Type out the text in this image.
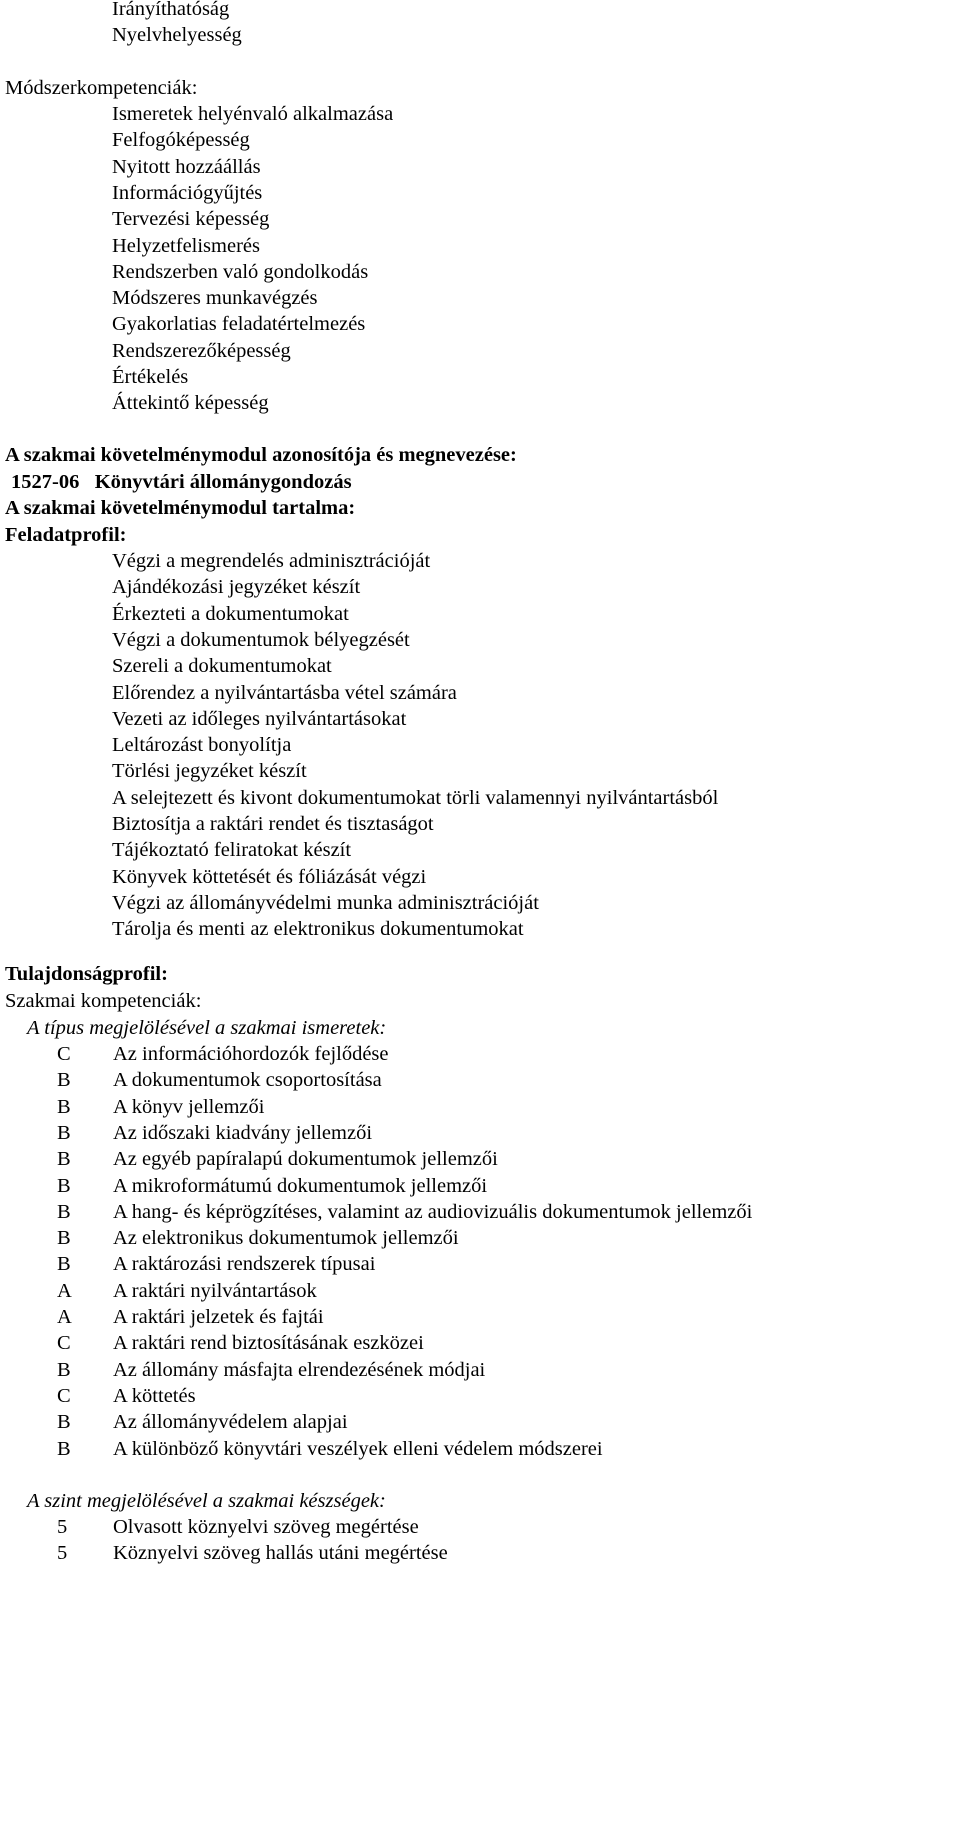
Irányíthatóság
Nyelvhelyesség
Módszerkompetenciák:
Ismeretek helyénvaló alkalmazása
Felfogóképesség
Nyitott hozzáállás
Információgyűjtés
Tervezési képesség
Helyzetfelismerés
Rendszerben való gondolkodás
Módszeres munkavégzés
Gyakorlatias feladatértelmezés
Rendszerezőképesség
Értékelés
Áttekintő képesség
A szakmai követelménymodul azonosítója és megnevezése:
1527-06   Könyvtári állománygondozás
A szakmai követelménymodul tartalma:
Feladatprofil:
Végzi a megrendelés adminisztrációját
Ajándékozási jegyzéket készít
Érkezteti a dokumentumokat
Végzi a dokumentumok bélyegzését
Szereli a dokumentumokat
Előrendez a nyilvántartásba vétel számára
Vezeti az időleges nyilvántartásokat
Leltározást bonyolítja
Törlési jegyzéket készít
A selejtezett és kivont dokumentumokat törli valamennyi nyilvántartásból
Biztosítja a raktári rendet és tisztaságot
Tájékoztató feliratokat készít
Könyvek köttetését és fóliázását végzi
Végzi az állományvédelmi munka adminisztrációját
Tárolja és menti az elektronikus dokumentumokat
Tulajdonságprofil:
Szakmai kompetenciák:
A típus megjelölésével a szakmai ismeretek:
C Az információhordozók fejlődése
B A dokumentumok csoportosítása
B A könyv jellemzői
B Az időszaki kiadvány jellemzői
B Az egyéb papíralapú dokumentumok jellemzői
B A mikroformátumú dokumentumok jellemzői
B A hang- és képrögzítéses, valamint az audiovizuális dokumentumok jellemzői
B Az elektronikus dokumentumok jellemzői
B A raktározási rendszerek típusai
A A raktári nyilvántartások
A A raktári jelzetek és fajtái
C A raktári rend biztosításának eszközei
B Az állomány másfajta elrendezésének módjai
C A köttetés
B Az állományvédelem alapjai
B A különböző könyvtári veszélyek elleni védelem módszerei
A szint megjelölésével a szakmai készségek:
5 Olvasott köznyelvi szöveg megértése
5 Köznyelvi szöveg hallás utáni megértése
